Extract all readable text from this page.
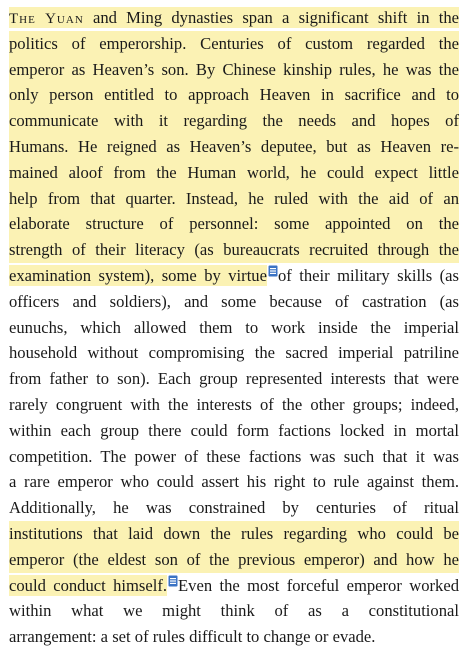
The Yuan and Ming dynasties span a significant shift in the
politics of emperorship. Centuries of custom regarded the
emperor as Heaven’s son. By Chinese kinship rules, he was the
only person entitled to approach Heaven in sacrifice and to
communicate with it regarding the needs and hopes of
Humans. He reigned as Heaven’s deputee, but as Heaven re-
mained aloof from the Human world, he could expect little
help from that quarter. Instead, he ruled with the aid of an
elaborate structure of personnel: some appointed on the
strength of their literacy (as bureaucrats recruited through the
examination system), some by virtue of their military skills (as
officers and soldiers), and some because of castration (as
eunuchs, which allowed them to work inside the imperial
household without compromising the sacred imperial patriline
from father to son). Each group represented interests that were
rarely congruent with the interests of the other groups; indeed,
within each group there could form factions locked in mortal
competition. The power of these factions was such that it was
a rare emperor who could assert his right to rule against them.
Additionally, he was constrained by centuries of ritual
institutions that laid down the rules regarding who could be
emperor (the eldest son of the previous emperor) and how he
could conduct himself. Even the most forceful emperor worked
within what we might think of as a constitutional
arrangement: a set of rules difficult to change or evade.
